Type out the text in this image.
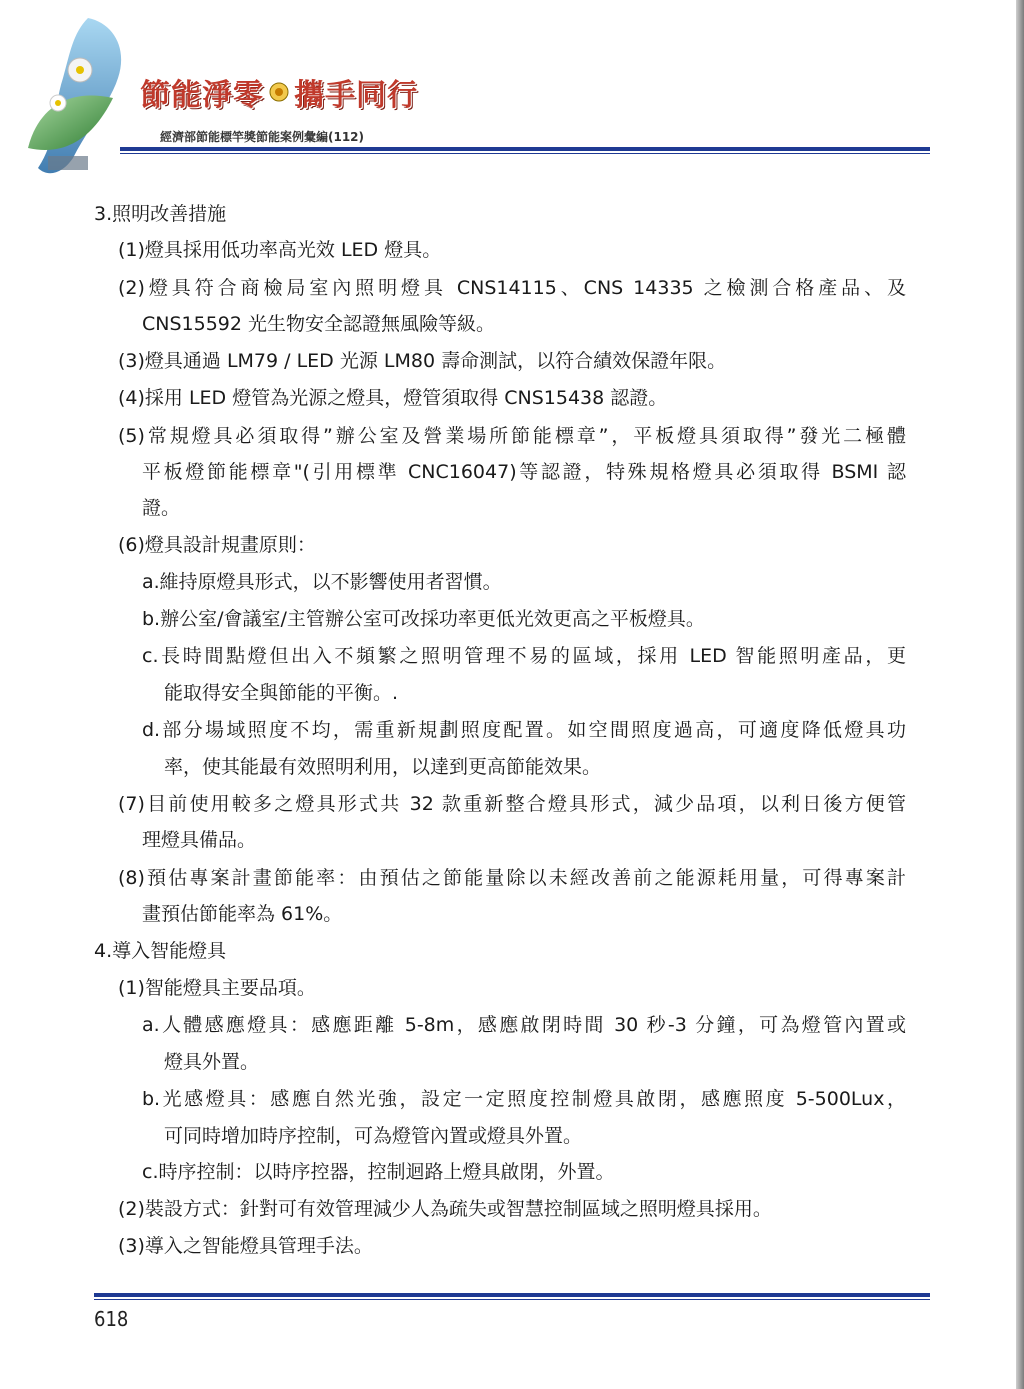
節能淨零 攜手同行
經濟部節能標竿獎節能案例彙編(112)
3.照明改善措施
(1)燈具採用低功率高光效 LED 燈具。
(2)燈具符合商檢局室內照明燈具 CNS14115、CNS 14335 之檢測合格產品、及
CNS15592 光生物安全認證無風險等級。
(3)燈具通過 LM79 / LED 光源 LM80 壽命測試，以符合績效保證年限。
(4)採用 LED 燈管為光源之燈具，燈管須取得 CNS15438 認證。
(5)常規燈具必須取得”辦公室及營業場所節能標章”，平板燈具須取得”發光二極體
平板燈節能標章"(引用標準 CNC16047)等認證，特殊規格燈具必須取得 BSMI 認
證。
(6)燈具設計規畫原則：
a.維持原燈具形式，以不影響使用者習慣。
b.辦公室/會議室/主管辦公室可改採功率更低光效更高之平板燈具。
c.長時間點燈但出入不頻繁之照明管理不易的區域，採用 LED 智能照明產品，更
能取得安全與節能的平衡。.
d.部分場域照度不均，需重新規劃照度配置。如空間照度過高，可適度降低燈具功
率，使其能最有效照明利用，以達到更高節能效果。
(7)目前使用較多之燈具形式共 32 款重新整合燈具形式，減少品項，以利日後方便管
理燈具備品。
(8)預估專案計畫節能率：由預估之節能量除以未經改善前之能源耗用量，可得專案計
畫預估節能率為 61%。
4.導入智能燈具
(1)智能燈具主要品項。
a.人體感應燈具：感應距離 5-8m，感應啟閉時間 30 秒-3 分鐘，可為燈管內置或
燈具外置。
b.光感燈具：感應自然光強，設定一定照度控制燈具啟閉，感應照度 5-500Lux，
可同時增加時序控制，可為燈管內置或燈具外置。
c.時序控制：以時序控器，控制迴路上燈具啟閉，外置。
(2)裝設方式：針對可有效管理減少人為疏失或智慧控制區域之照明燈具採用。
(3)導入之智能燈具管理手法。
618
